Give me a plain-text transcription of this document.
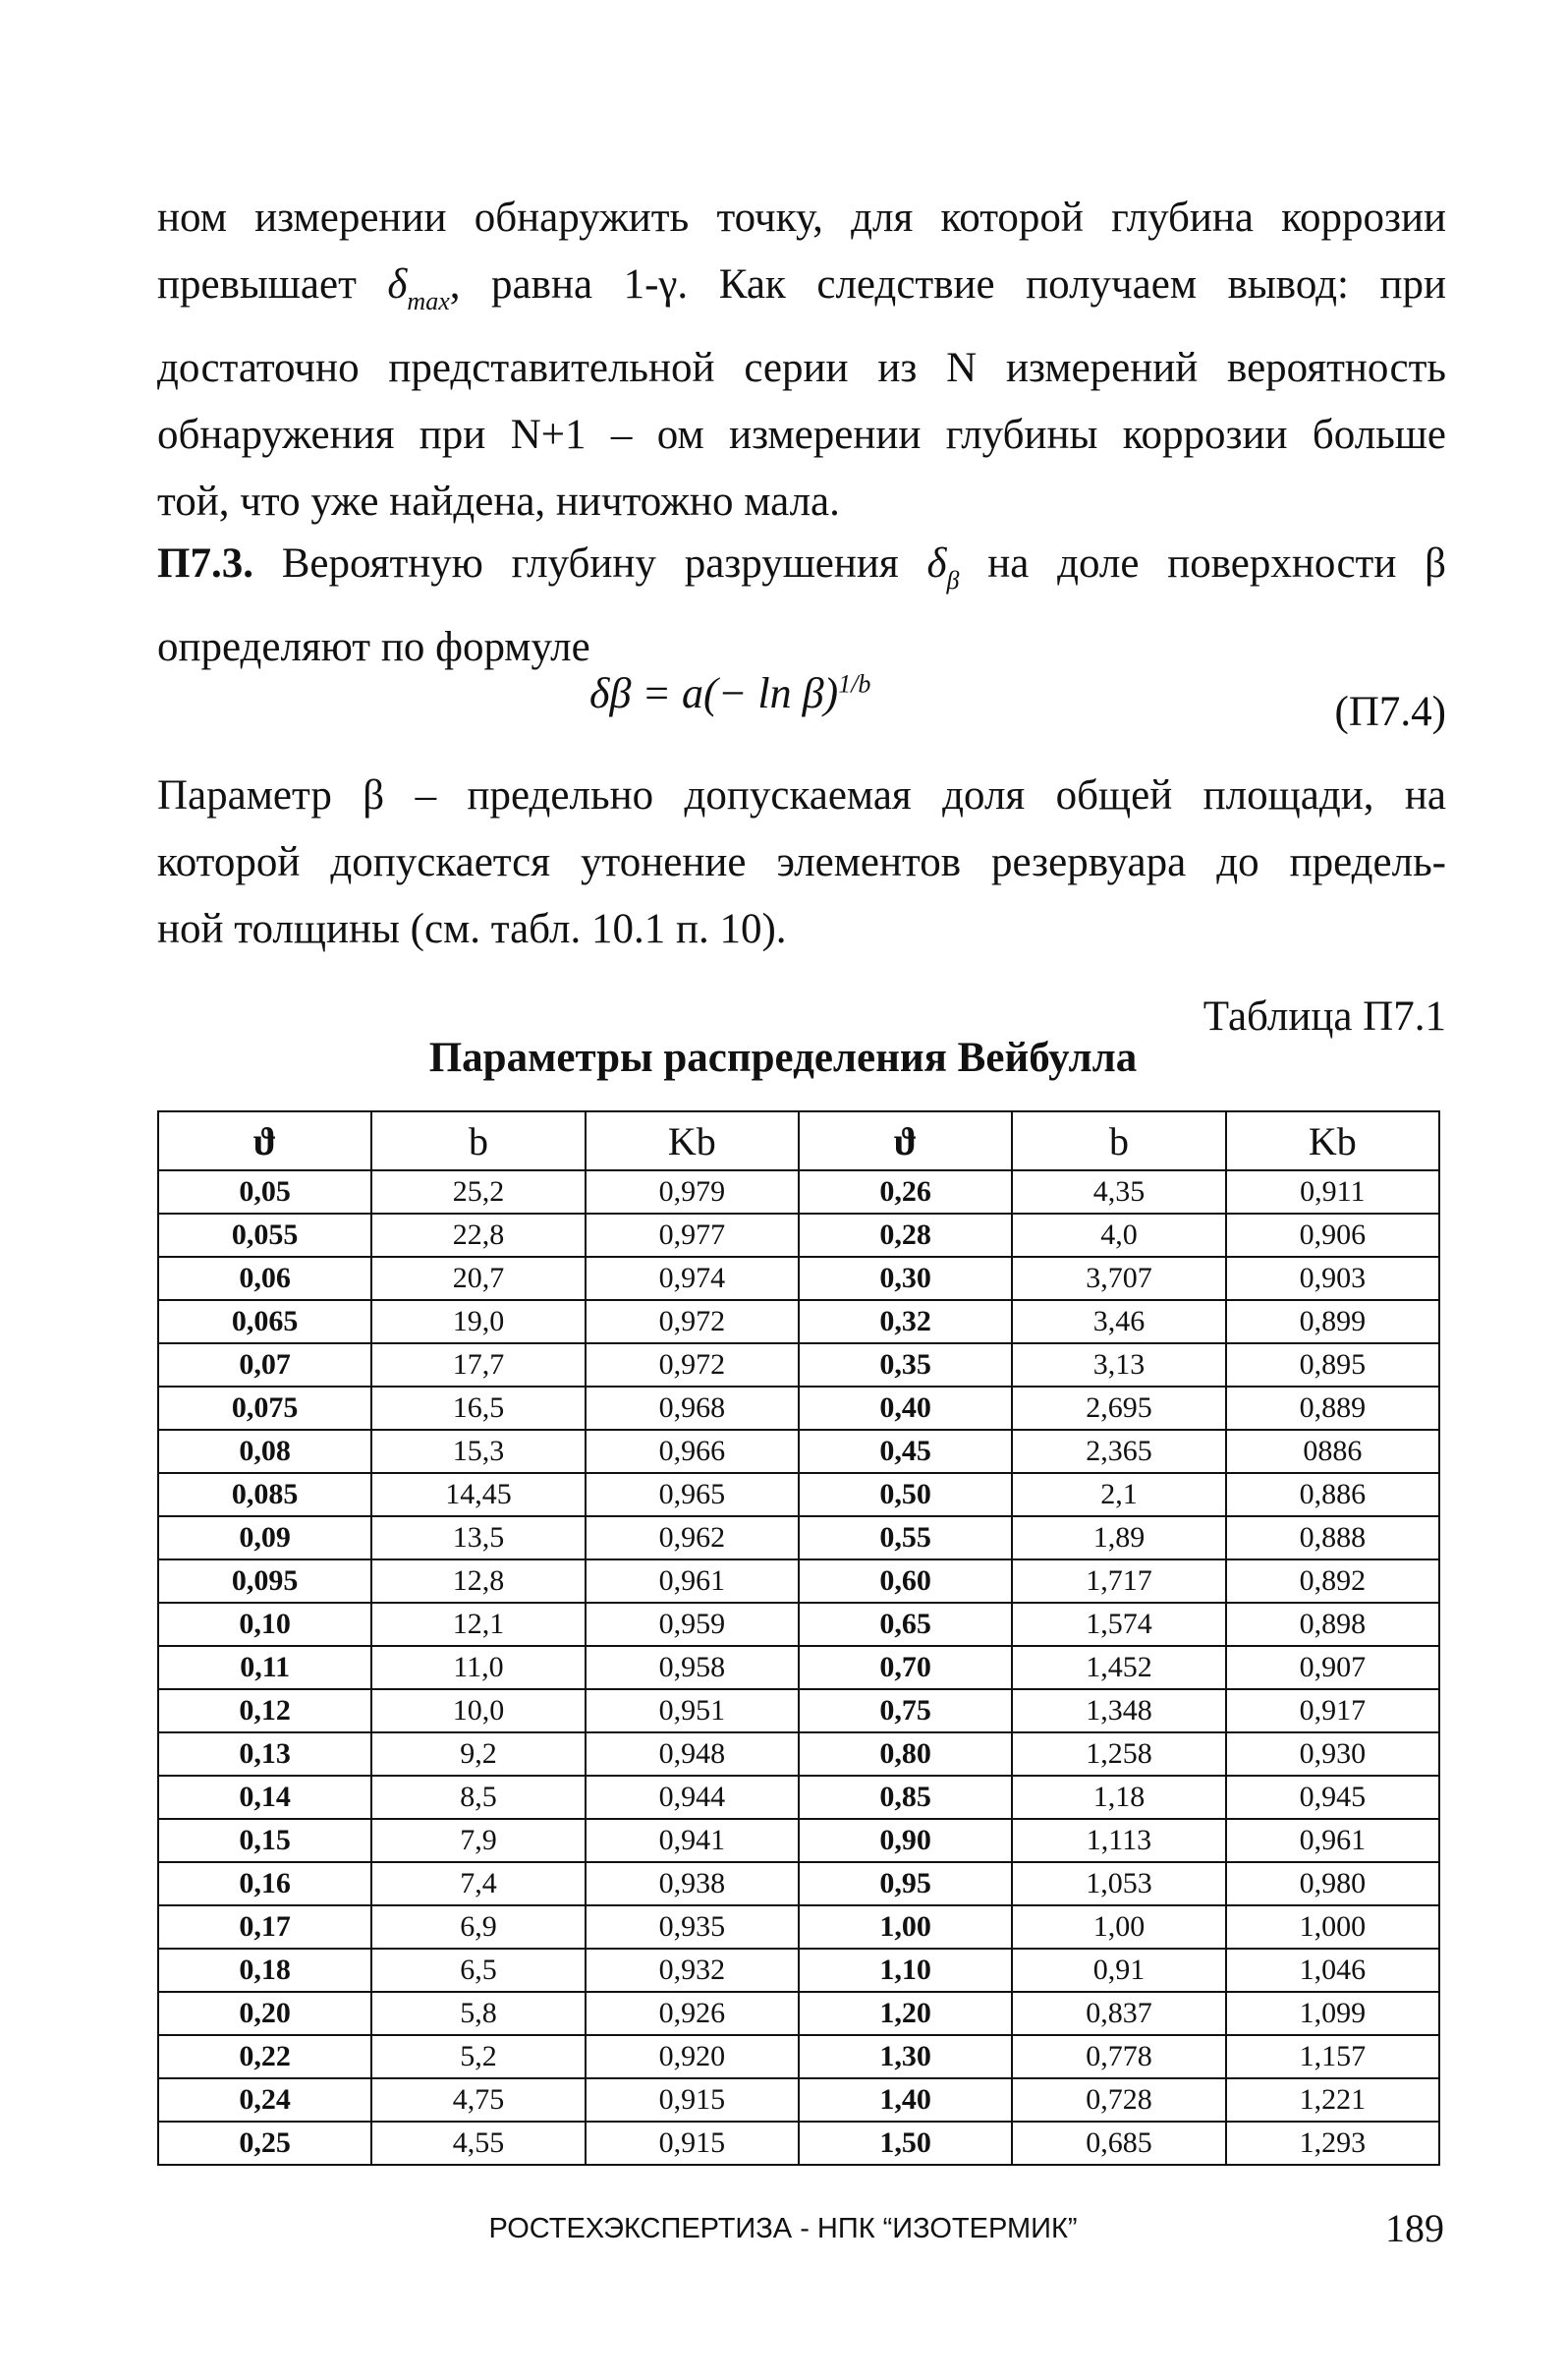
ном измерении обнаружить точку, для которой глубина коррозии
превышает $\delta_{max}$, равна 1-γ. Как следствие получаем вывод: при
достаточно представительной серии из N измерений вероятность
обнаружения при N+1 – ом измерении глубины коррозии больше
той, что уже найдена, ничтожно мала.
П7.3. Вероятную глубину разрушения $\delta_\beta$ на доле поверхности β
определяют по формуле
$\delta\beta = a(- \ln \beta)^{1/b}$
(П7.4)
Параметр β – предельно допускаемая доля общей площади, на
которой допускается утонение элементов резервуара до предель-
ной толщины (см. табл. 10.1 п. 10).
Таблица П7.1
Параметры распределения Вейбулла
ϑ	b	Kb	ϑ	b	Kb
0,05	25,2	0,979	0,26	4,35	0,911
0,055	22,8	0,977	0,28	4,0	0,906
0,06	20,7	0,974	0,30	3,707	0,903
0,065	19,0	0,972	0,32	3,46	0,899
0,07	17,7	0,972	0,35	3,13	0,895
0,075	16,5	0,968	0,40	2,695	0,889
0,08	15,3	0,966	0,45	2,365	0886
0,085	14,45	0,965	0,50	2,1	0,886
0,09	13,5	0,962	0,55	1,89	0,888
0,095	12,8	0,961	0,60	1,717	0,892
0,10	12,1	0,959	0,65	1,574	0,898
0,11	11,0	0,958	0,70	1,452	0,907
0,12	10,0	0,951	0,75	1,348	0,917
0,13	9,2	0,948	0,80	1,258	0,930
0,14	8,5	0,944	0,85	1,18	0,945
0,15	7,9	0,941	0,90	1,113	0,961
0,16	7,4	0,938	0,95	1,053	0,980
0,17	6,9	0,935	1,00	1,00	1,000
0,18	6,5	0,932	1,10	0,91	1,046
0,20	5,8	0,926	1,20	0,837	1,099
0,22	5,2	0,920	1,30	0,778	1,157
0,24	4,75	0,915	1,40	0,728	1,221
0,25	4,55	0,915	1,50	0,685	1,293
РОСТЕХЭКСПЕРТИЗА - НПК “ИЗОТЕРМИК”	189
